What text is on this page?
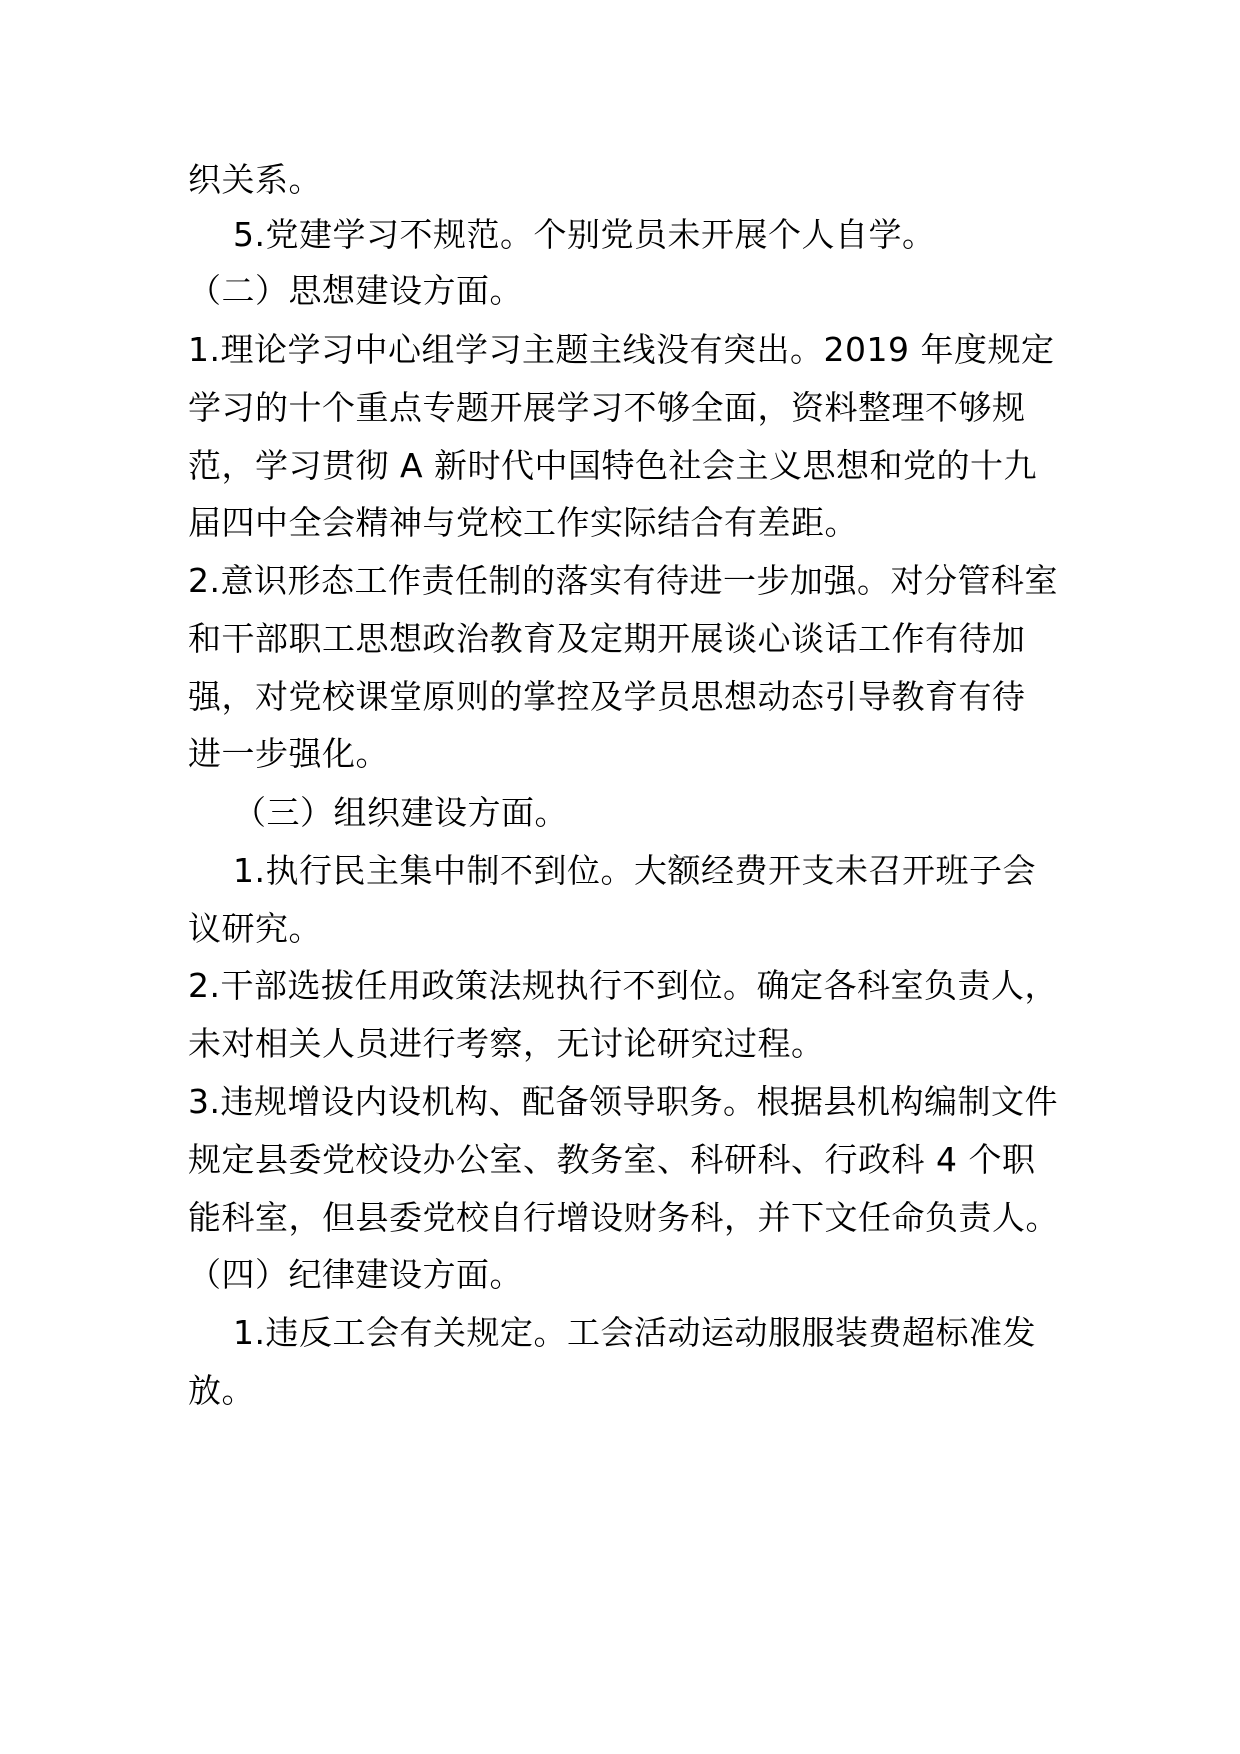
织关系。
5.党建学习不规范。个别党员未开展个人自学。
（二）思想建设方面。
1.理论学习中心组学习主题主线没有突出。2019 年度规定
学习的十个重点专题开展学习不够全面，资料整理不够规
范，学习贯彻 A 新时代中国特色社会主义思想和党的十九
届四中全会精神与党校工作实际结合有差距。
2.意识形态工作责任制的落实有待进一步加强。对分管科室
和干部职工思想政治教育及定期开展谈心谈话工作有待加
强，对党校课堂原则的掌控及学员思想动态引导教育有待
进一步强化。
（三）组织建设方面。
1.执行民主集中制不到位。大额经费开支未召开班子会
议研究。
2.干部选拔任用政策法规执行不到位。确定各科室负责人，
未对相关人员进行考察，无讨论研究过程。
3.违规增设内设机构、配备领导职务。根据县机构编制文件
规定县委党校设办公室、教务室、科研科、行政科 4 个职
能科室，但县委党校自行增设财务科，并下文任命负责人。
（四）纪律建设方面。
1.违反工会有关规定。工会活动运动服服装费超标准发
放。
